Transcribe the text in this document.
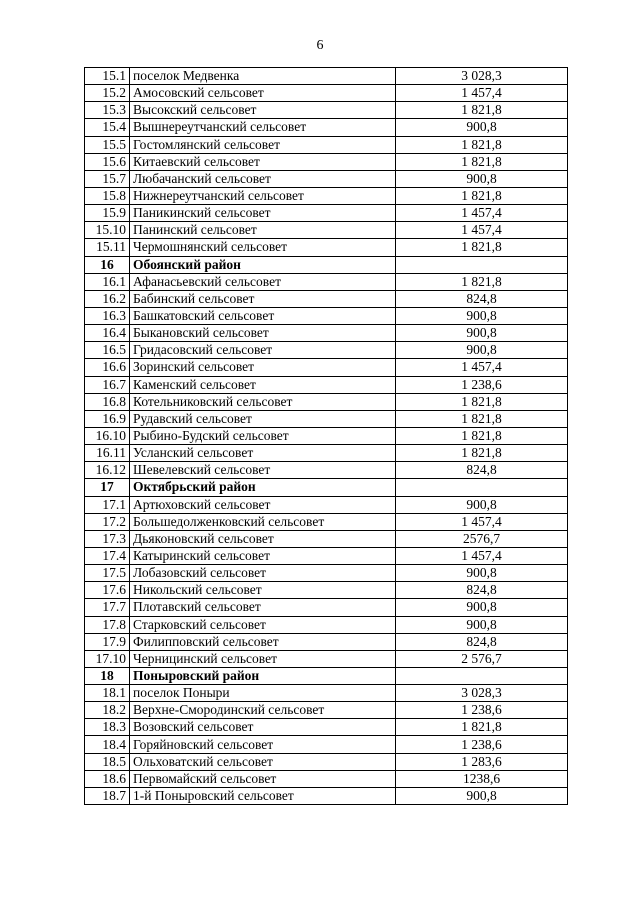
6
15.1	поселок Медвенка	3 028,3
15.2	Амосовский сельсовет	1 457,4
15.3	Высокский сельсовет	1 821,8
15.4	Вышнереутчанский сельсовет	900,8
15.5	Гостомлянский сельсовет	1 821,8
15.6	Китаевский сельсовет	1 821,8
15.7	Любачанский сельсовет	900,8
15.8	Нижнереутчанский сельсовет	1 821,8
15.9	Паникинский сельсовет	1 457,4
15.10	Панинский сельсовет	1 457,4
15.11	Чермошнянский сельсовет	1 821,8
16	Обоянский район	
16.1	Афанасьевский сельсовет	1 821,8
16.2	Бабинский сельсовет	824,8
16.3	Башкатовский сельсовет	900,8
16.4	Быкановский сельсовет	900,8
16.5	Гридасовский сельсовет	900,8
16.6	Зоринский сельсовет	1 457,4
16.7	Каменский сельсовет	1 238,6
16.8	Котельниковский сельсовет	1 821,8
16.9	Рудавский сельсовет	1 821,8
16.10	Рыбино-Будский сельсовет	1 821,8
16.11	Усланский сельсовет	1 821,8
16.12	Шевелевский сельсовет	824,8
17	Октябрьский район	
17.1	Артюховский сельсовет	900,8
17.2	Большедолженковский сельсовет	1 457,4
17.3	Дьяконовский сельсовет	2576,7
17.4	Катыринский сельсовет	1 457,4
17.5	Лобазовский сельсовет	900,8
17.6	Никольский сельсовет	824,8
17.7	Плотавский сельсовет	900,8
17.8	Старковский сельсовет	900,8
17.9	Филипповский сельсовет	824,8
17.10	Черницинский сельсовет	2 576,7
18	Поныровский район	
18.1	поселок Поныри	3 028,3
18.2	Верхне-Смородинский сельсовет	1 238,6
18.3	Возовский сельсовет	1 821,8
18.4	Горяйновский сельсовет	1 238,6
18.5	Ольховатский сельсовет	1 283,6
18.6	Первомайский сельсовет	1238,6
18.7	1-й Поныровский сельсовет	900,8
